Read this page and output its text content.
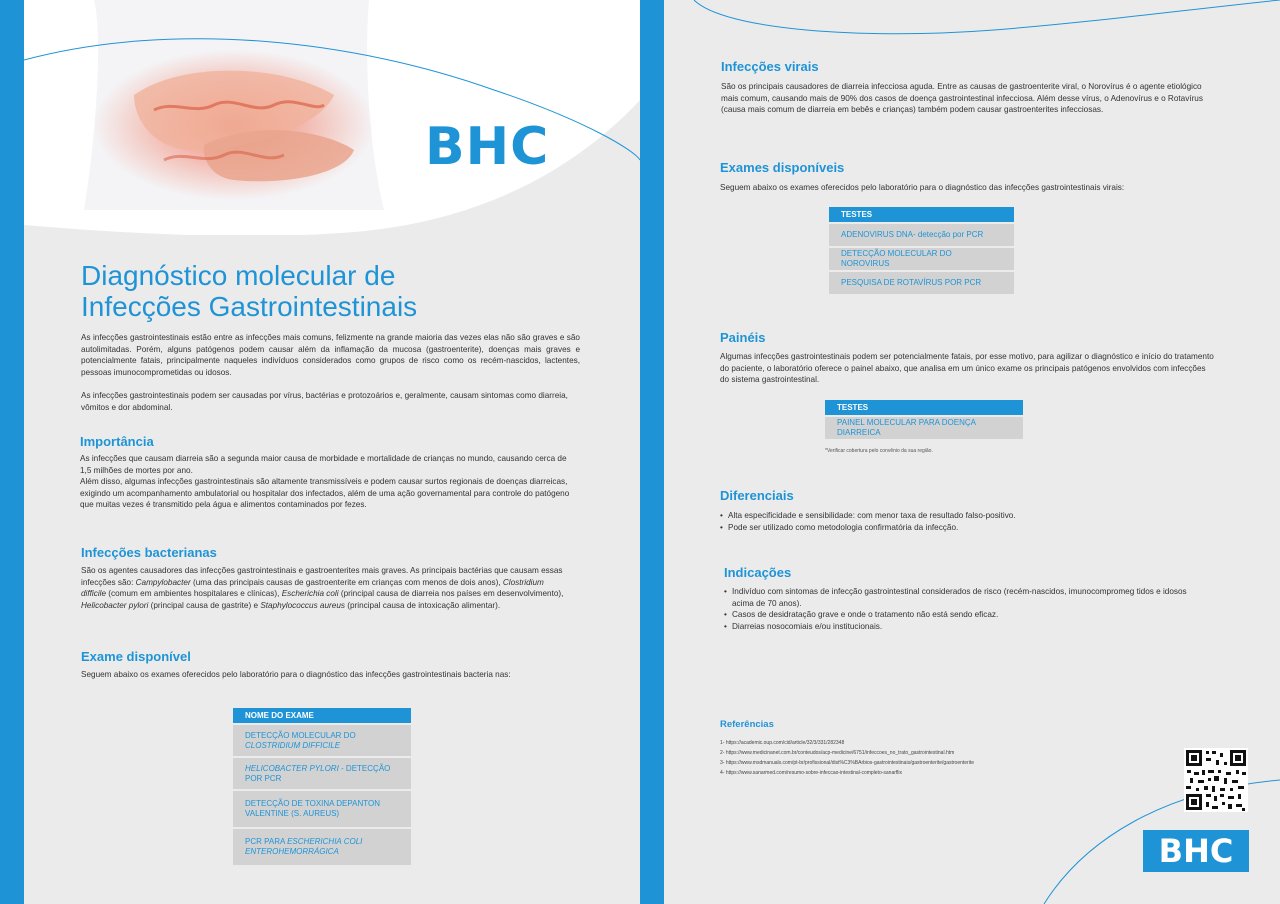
BHC
Diagnóstico molecular de
Infecções Gastrointestinais

As infecções gastrointestinais estão entre as infecções mais comuns, felizmente na grande maioria das vezes elas não são graves e são autolimitadas. Porém, alguns patógenos podem causar além da inflamação da mucosa (gastroenterite), doenças mais graves e potencialmente fatais, principalmente naqueles indivíduos considerados como grupos de risco como os recém-nascidos, lactentes, pessoas imunocomprometidas ou idosos.

As infecções gastrointestinais podem ser causadas por vírus, bactérias e protozoários e, geralmente, causam sintomas como diarreia, vômitos e dor abdominal.

Importância

As infecções que causam diarreia são a segunda maior causa de morbidade e mortalidade de crianças no mundo, causando cerca de 1,5 milhões de mortes por ano.
Além disso, algumas infecções gastrointestinais são altamente transmissíveis e podem causar surtos regionais de doenças diarreicas, exigindo um acompanhamento ambulatorial ou hospitalar dos infectados, além de uma ação governamental para controle do patógeno que muitas vezes é transmitido pela água e alimentos contaminados por fezes.

Infecções bacterianas

São os agentes causadores das infecções gastrointestinais e gastroenterites mais graves. As principais bactérias que causam essas infecções são: Campylobacter (uma das principais causas de gastroenterite em crianças com menos de dois anos), Clostridium difficile (comum em ambientes hospitalares e clínicas), Escherichia coli (principal causa de diarreia nos países em desenvolvimento), Helicobacter pylori (principal causa de gastrite) e Staphylococcus aureus (principal causa de intoxicação alimentar).

Exame disponível

Seguem abaixo os exames oferecidos pelo laboratório para o diagnóstico das infecções gastrointestinais bacteria nas:

NOME DO EXAME
DETECÇÃO MOLECULAR DO
CLOSTRIDIUM DIFFICILE
HELICOBACTER PYLORI - DETECÇÃO POR PCR
DETECÇÃO DE TOXINA DEPANTON
VALENTINE (S. AUREUS)
PCR PARA ESCHERICHIA COLI ENTEROHEMORRÁGICA
Infecções virais

São os principais causadores de diarreia infecciosa aguda. Entre as causas de gastroenterite viral, o Norovírus é o agente etiológico mais comum, causando mais de 90% dos casos de doença gastrointestinal infecciosa. Além desse vírus, o Adenovírus e o Rotavírus (causa mais comum de diarreia em bebês e crianças) também podem causar gastroenterites infecciosas.

Exames disponíveis

Seguem abaixo os exames oferecidos pelo laboratório para o diagnóstico das infecções gastrointestinais virais:

TESTES
ADENOVIRUS DNA- detecção por PCR
DETECÇÃO MOLECULAR DO NOROVIRUS
PESQUISA DE ROTAVÍRUS POR PCR
Painéis

Algumas infecções gastrointestinais podem ser potencialmente fatais, por esse motivo, para agilizar o diagnóstico e início do tratamento do paciente, o laboratório oferece o painel abaixo, que analisa em um único exame os principais patógenos envolvidos com infecções do sistema gastrointestinal.

TESTES
PAINEL MOLECULAR PARA DOENÇA DIARREICA
*Verificar cobertura pelo convênio da sua região.
Diferenciais
• Alta especificidade e sensibilidade: com menor taxa de resultado falso-positivo.
• Pode ser utilizado como metodologia confirmatória da infecção.
Indicações
• Indivíduo com sintomas de infecção gastrointestinal considerados de risco (recém-nascidos, imunocompromeg tidos e idosos acima de 70 anos).
• Casos de desidratação grave e onde o tratamento não está sendo eficaz.
• Diarreias nosocomiais e/ou institucionais.
Referências
1- https://academic.oup.com/cid/article/32/3/331/282348
2- https://www.medicinanet.com.br/conteudos/acp-medicine/6751/infeccoes_no_trato_gastrointestinal.htm
3- https://www.msdmanuals.com/pt-br/profissional/dist%C3%BArbios-gastrointestinais/gastroenterite/gastroenterite
4- https://www.sanarmed.com/resumo-sobre-infeccao-intestinal-completo-sanarflix
BHC
